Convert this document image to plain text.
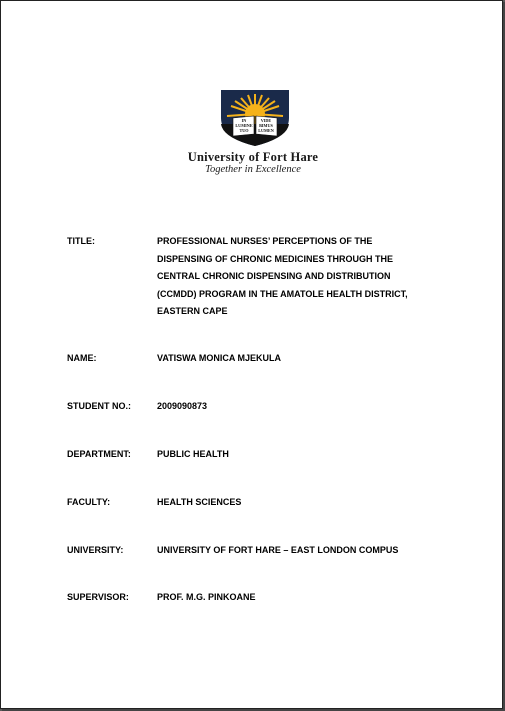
IN
LUMINE
TUO
VIDE
BIMUS
LUMEN
University of Fort Hare
Together in Excellence
TITLE:	PROFESSIONAL NURSES’ PERCEPTIONS OF THE
DISPENSING OF CHRONIC MEDICINES THROUGH THE
CENTRAL CHRONIC DISPENSING AND DISTRIBUTION
(CCMDD) PROGRAM IN THE AMATOLE HEALTH DISTRICT,
EASTERN CAPE
NAME:	VATISWA MONICA MJEKULA
STUDENT NO.:	2009090873
DEPARTMENT:	PUBLIC HEALTH
FACULTY:	HEALTH SCIENCES
UNIVERSITY:	UNIVERSITY OF FORT HARE – EAST LONDON COMPUS
SUPERVISOR:	PROF. M.G. PINKOANE
